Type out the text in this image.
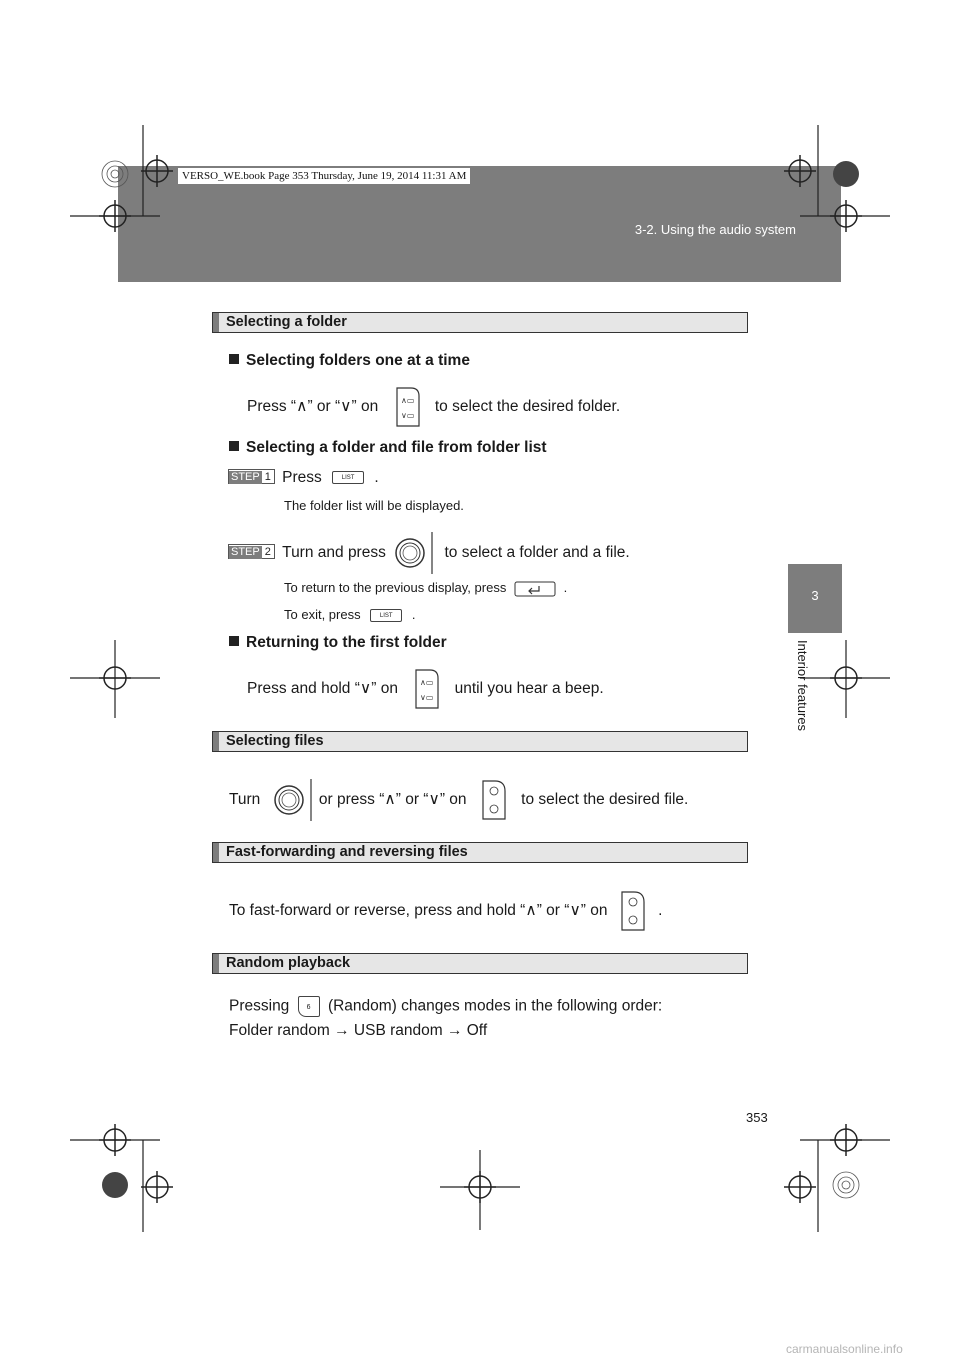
3-2. Using the audio system
VERSO_WE.book Page 353 Thursday, June 19, 2014 11:31 AM
3
Interior features
Selecting a folder
Selecting folders one at a time
Press “∧” or “∨” on	∧▭
∨▭
to select the desired folder.
Selecting a folder and file from folder list
STEP 1 Press	LIST .
The folder list will be displayed.
STEP 2 Turn and press	to select a folder and a file.
To return to the previous display, press	.
To exit, press	LIST .
Returning to the first folder
Press and hold “∨” on	∧▭
∨▭
until you hear a beep.
Selecting files
Turn	or press “∧” or “∨” on	to select the desired file.
Fast-forwarding and reversing files
To fast-forward or reverse, press and hold “∧” or “∨” on	.
Random playback
Pressing 6 (Random) changes modes in the following order:
Folder random → USB random → Off
353
carmanualsonline.info
